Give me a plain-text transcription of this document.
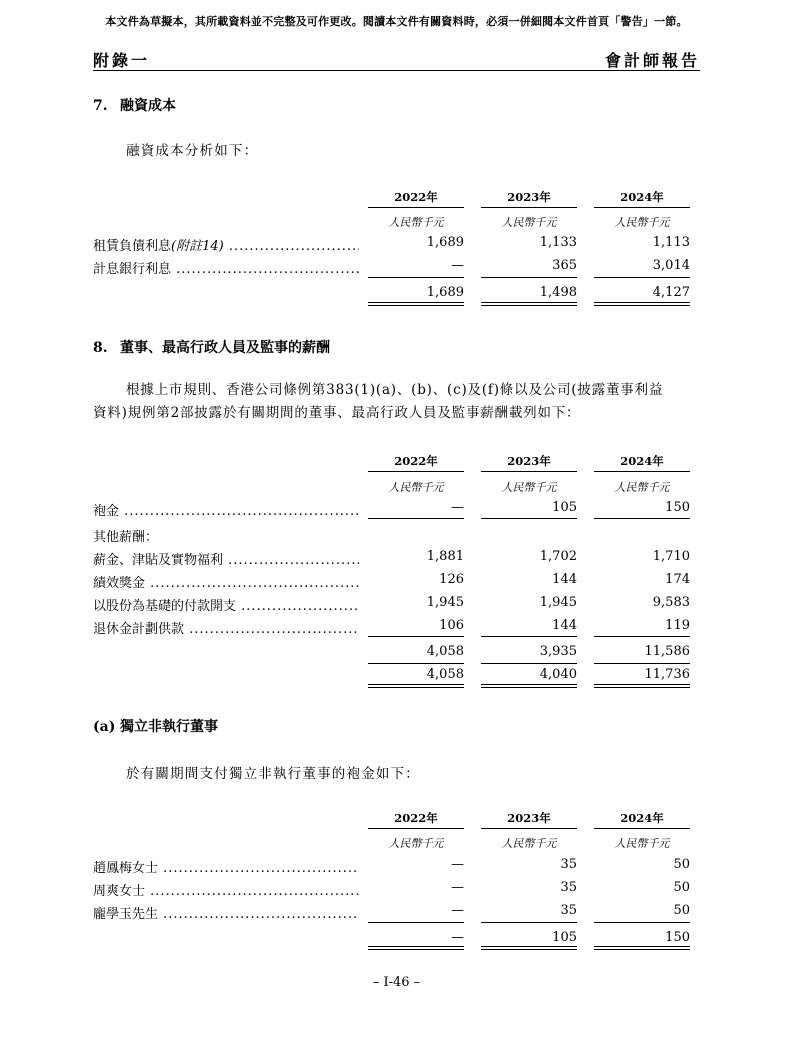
本文件為草擬本，其所載資料並不完整及可作更改。閱讀本文件有關資料時，必須一併細閱本文件首頁「警告」一節。
附錄一	會計師報告
7. 融資成本
融資成本分析如下：
2022年	2023年	2024年
人民幣千元	人民幣千元	人民幣千元
租賃負債利息(附註14) .....	1,689	1,133	1,113
計息銀行利息 .....	—	365	3,014
1,689	1,498	4,127
8. 董事、最高行政人員及監事的薪酬
根據上市規則、香港公司條例第383(1)(a)、(b)、(c)及(f)條以及公司(披露董事利益
資料)規例第2部披露於有關期間的董事、最高行政人員及監事薪酬載列如下：
2022年	2023年	2024年
人民幣千元	人民幣千元	人民幣千元
袍金 .....	—	105	150
其他薪酬：
薪金、津貼及實物福利 .....	1,881	1,702	1,710
績效獎金 .....	126	144	174
以股份為基礎的付款開支 .....	1,945	1,945	9,583
退休金計劃供款 .....	106	144	119
4,058	3,935	11,586
4,058	4,040	11,736
(a) 獨立非執行董事
於有關期間支付獨立非執行董事的袍金如下：
2022年	2023年	2024年
人民幣千元	人民幣千元	人民幣千元
趙鳳梅女士 .....	—	35	50
周爽女士 .....	—	35	50
龐學玉先生 .....	—	35	50
—	105	150
– I-46 –
